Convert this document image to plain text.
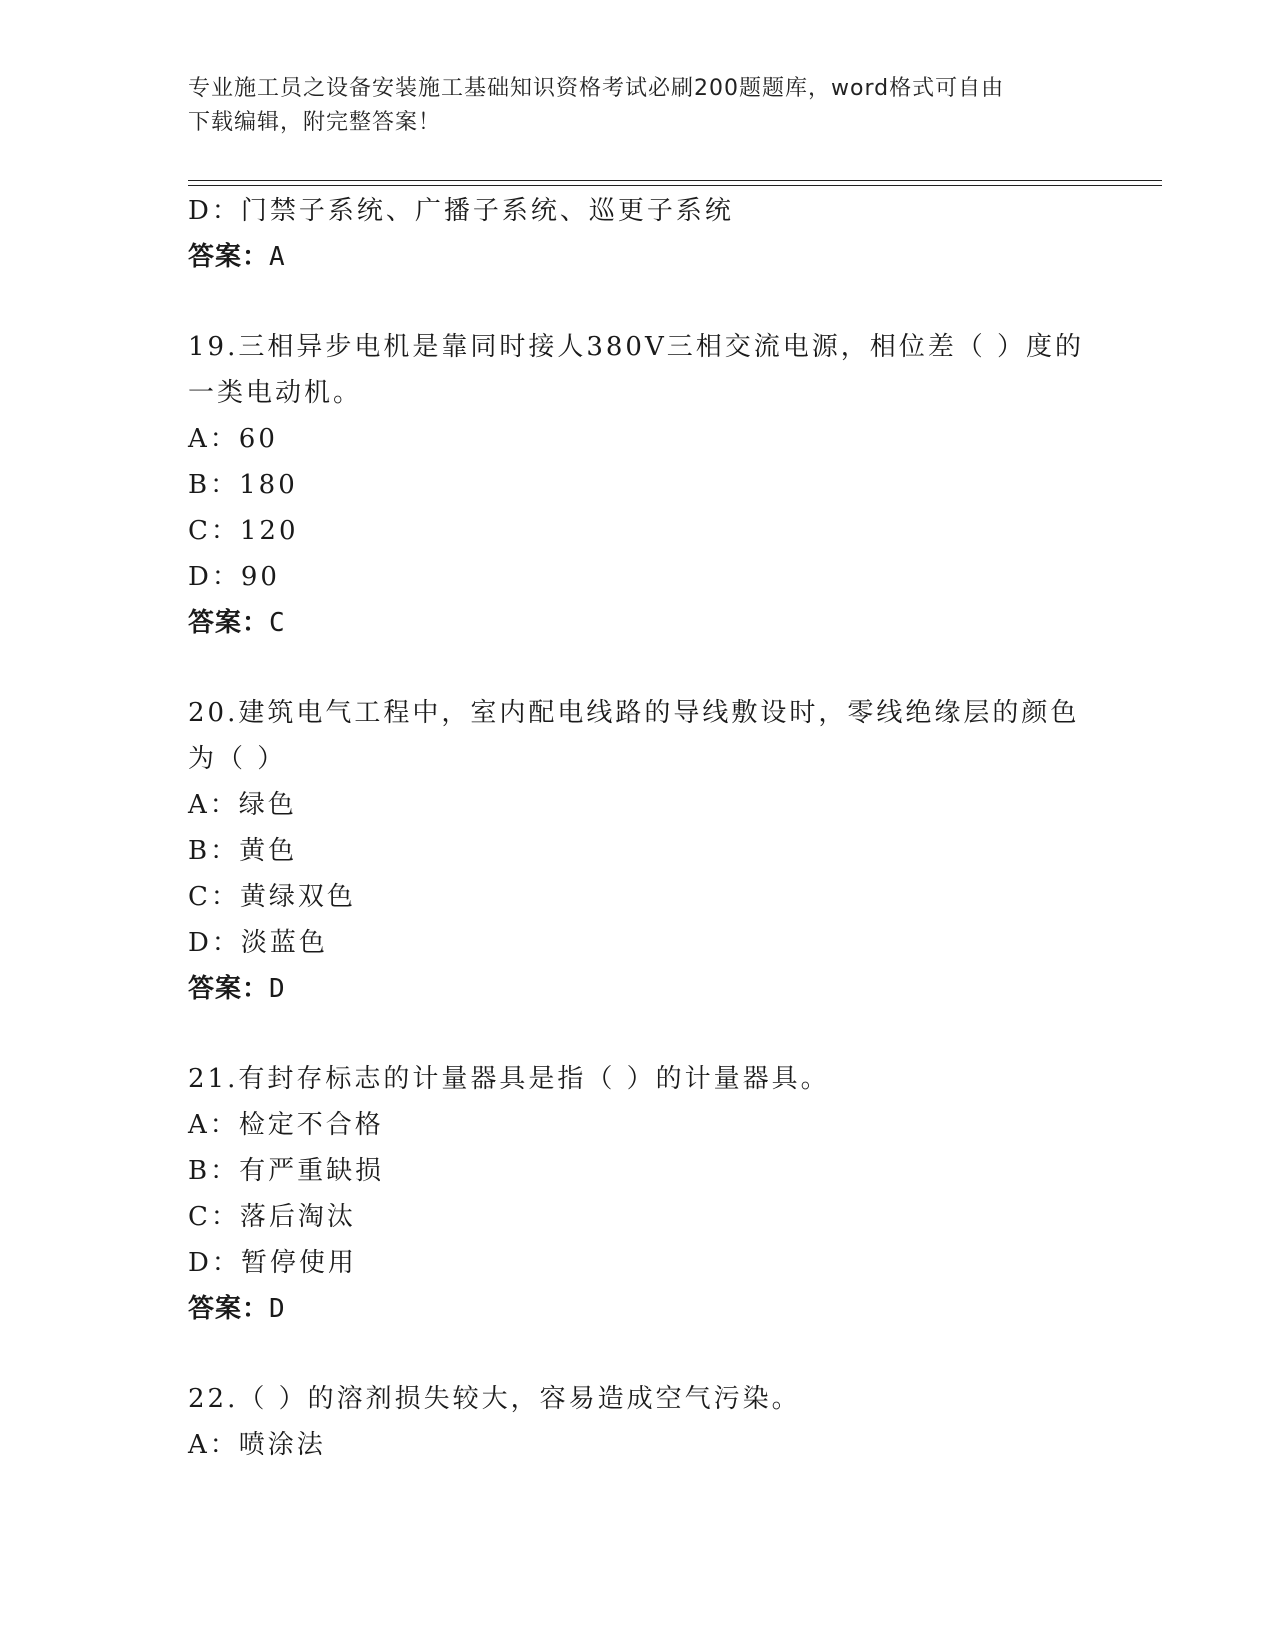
专业施工员之设备安装施工基础知识资格考试必刷200题题库，word格式可自由
下载编辑，附完整答案！
D：门禁子系统、广播子系统、巡更子系统
答案：A
19.三相异步电机是靠同时接人380V三相交流电源，相位差（ ）度的
一类电动机。
A：60
B：180
C：120
D：90
答案：C
20.建筑电气工程中，室内配电线路的导线敷设时，零线绝缘层的颜色
为（ ）
A：绿色
B：黄色
C：黄绿双色
D：淡蓝色
答案：D
21.有封存标志的计量器具是指（ ）的计量器具。
A：检定不合格
B：有严重缺损
C：落后淘汰
D：暂停使用
答案：D
22.（ ）的溶剂损失较大，容易造成空气污染。
A：喷涂法
